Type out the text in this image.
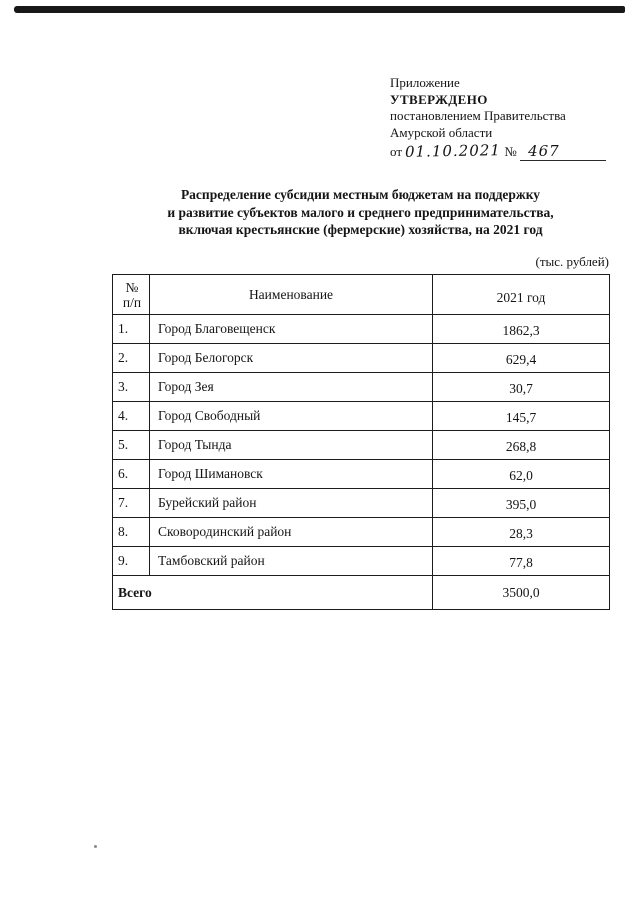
Приложение
УТВЕРЖДЕНО
постановлением Правительства
Амурской области
от 01.10.2021 № 467
Распределение субсидии местным бюджетам на поддержку
и развитие субъектов малого и среднего предпринимательства,
включая крестьянские (фермерские) хозяйства, на 2021 год
(тыс. рублей)
№
п/п	Наименование	2021 год
1.	Город Благовещенск	1862,3
2.	Город Белогорск	629,4
3.	Город Зея	30,7
4.	Город Свободный	145,7
5.	Город Тында	268,8
6.	Город Шимановск	62,0
7.	Бурейский район	395,0
8.	Сковородинский район	28,3
9.	Тамбовский район	77,8
Всего		3500,0
